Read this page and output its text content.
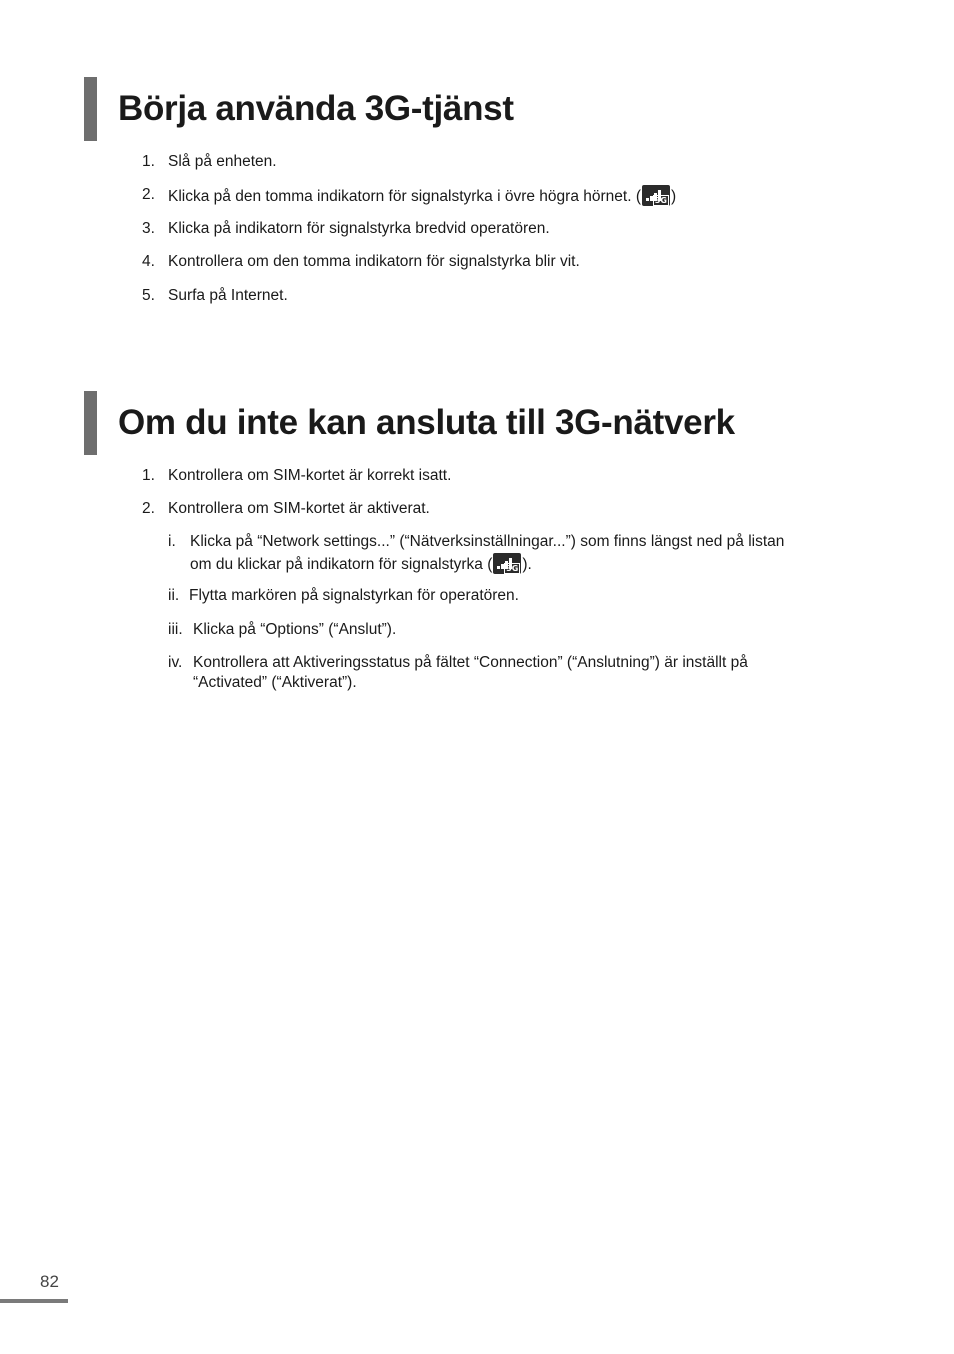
Börja använda 3G-tjänst
1. Slå på enheten.
2. Klicka på den tomma indikatorn för signalstyrka i övre högra hörnet. ( 3G )
3. Klicka på indikatorn för signalstyrka bredvid operatören.
4. Kontrollera om den tomma indikatorn för signalstyrka blir vit.
5. Surfa på Internet.
Om du inte kan ansluta till 3G-nätverk
1. Kontrollera om SIM-kortet är korrekt isatt.
2. Kontrollera om SIM-kortet är aktiverat.
i. Klicka på “Network settings...” (“Nätverksinställningar...”) som finns längst ned på listan
om du klickar på indikatorn för signalstyrka ( 3G ).
ii. Flytta markören på signalstyrkan för operatören.
iii. Klicka på “Options” (“Anslut”).
iv. Kontrollera att Aktiveringsstatus på fältet “Connection” (“Anslutning”) är inställt på
“Activated” (“Aktiverat”).
82
